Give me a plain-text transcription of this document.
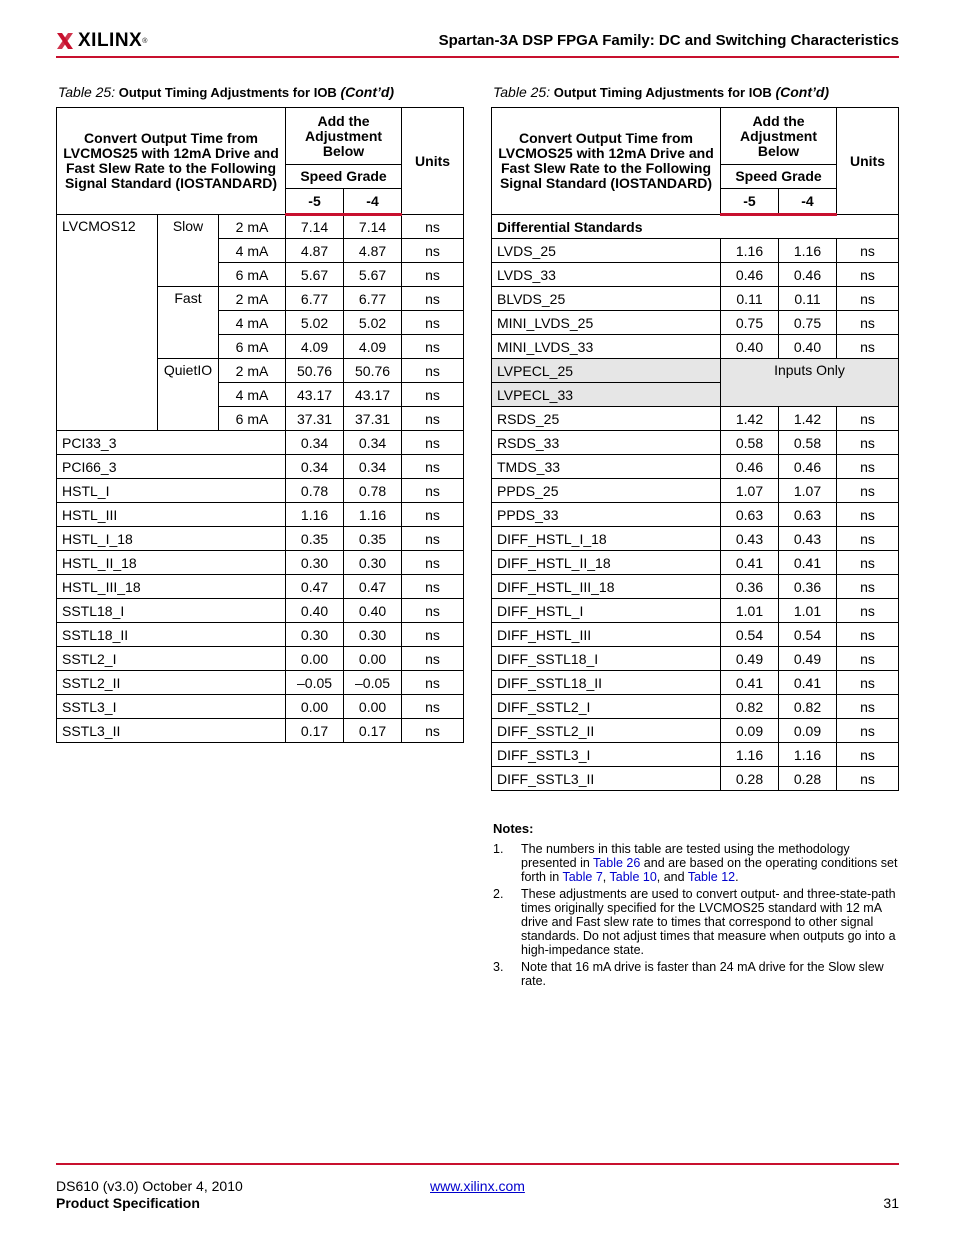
XILINX ®	Spartan-3A DSP FPGA Family: DC and Switching Characteristics
Table 25: Output Timing Adjustments for IOB (Cont’d)	Table 25: Output Timing Adjustments for IOB (Cont’d)
Convert Output Time from LVCMOS25 with 12mA Drive and Fast Slew Rate to the Following Signal Standard (IOSTANDARD)			Add the Adjustment Below		Units
			Speed Grade		
			-5	-4	
LVCMOS12	Slow	2 mA	7.14	7.14	ns
		4 mA	4.87	4.87	ns
		6 mA	5.67	5.67	ns
	Fast	2 mA	6.77	6.77	ns
		4 mA	5.02	5.02	ns
		6 mA	4.09	4.09	ns
	QuietIO	2 mA	50.76	50.76	ns
		4 mA	43.17	43.17	ns
		6 mA	37.31	37.31	ns
PCI33_3			0.34	0.34	ns
PCI66_3			0.34	0.34	ns
HSTL_I			0.78	0.78	ns
HSTL_III			1.16	1.16	ns
HSTL_I_18			0.35	0.35	ns
HSTL_II_18			0.30	0.30	ns
HSTL_III_18			0.47	0.47	ns
SSTL18_I			0.40	0.40	ns
SSTL18_II			0.30	0.30	ns
SSTL2_I			0.00	0.00	ns
SSTL2_II			–0.05	–0.05	ns
SSTL3_I			0.00	0.00	ns
SSTL3_II			0.17	0.17	ns
Convert Output Time from LVCMOS25 with 12mA Drive and Fast Slew Rate to the Following Signal Standard (IOSTANDARD)	Add the Adjustment Below		Units
	Speed Grade		
	-5	-4	
Differential Standards			
LVDS_25	1.16	1.16	ns
LVDS_33	0.46	0.46	ns
BLVDS_25	0.11	0.11	ns
MINI_LVDS_25	0.75	0.75	ns
MINI_LVDS_33	0.40	0.40	ns
LVPECL_25	Inputs Only		
LVPECL_33			
RSDS_25	1.42	1.42	ns
RSDS_33	0.58	0.58	ns
TMDS_33	0.46	0.46	ns
PPDS_25	1.07	1.07	ns
PPDS_33	0.63	0.63	ns
DIFF_HSTL_I_18	0.43	0.43	ns
DIFF_HSTL_II_18	0.41	0.41	ns
DIFF_HSTL_III_18	0.36	0.36	ns
DIFF_HSTL_I	1.01	1.01	ns
DIFF_HSTL_III	0.54	0.54	ns
DIFF_SSTL18_I	0.49	0.49	ns
DIFF_SSTL18_II	0.41	0.41	ns
DIFF_SSTL2_I	0.82	0.82	ns
DIFF_SSTL2_II	0.09	0.09	ns
DIFF_SSTL3_I	1.16	1.16	ns
DIFF_SSTL3_II	0.28	0.28	ns
Notes:
1.	The numbers in this table are tested using the methodology presented in Table 26 and are based on the operating conditions set forth in Table 7, Table 10, and Table 12.
2.	These adjustments are used to convert output- and three-state-path times originally specified for the LVCMOS25 standard with 12 mA drive and Fast slew rate to times that correspond to other signal standards. Do not adjust times that measure when outputs go into a high-impedance state.
3.	Note that 16 mA drive is faster than 24 mA drive for the Slow slew rate.
DS610 (v3.0) October 4, 2010
Product Specification
www.xilinx.com
31
